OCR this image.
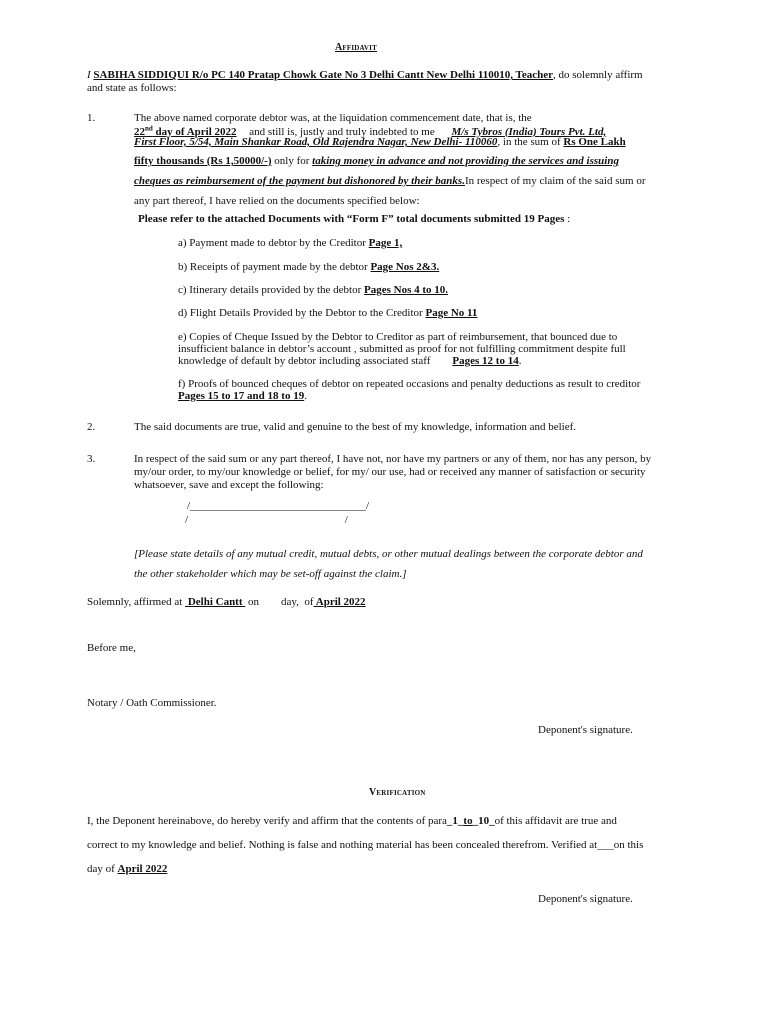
Affidavit
I SABIHA SIDDIQUI R/o PC 140 Pratap Chowk Gate No 3 Delhi Cantt New Delhi 110010, Teacher, do solemnly affirm
and state as follows:
1.	The above named corporate debtor was, at the liquidation commencement date, that is, the
22nd day of April 2022 and still is, justly and truly indebted to me M/s Tybros (India) Tours Pvt. Ltd,
First Floor, 5/54, Main Shankar Road, Old Rajendra Nagar, New Delhi- 110060, in the sum of Rs One Lakh
fifty thousands (Rs 1,50000/-) only for taking money in advance and not providing the services and issuing
cheques as reimbursement of the payment but dishonored by their banks.In respect of my claim of the said sum or
any part thereof, I have relied on the documents specified below:
Please refer to the attached Documents with “Form F” total documents submitted 19 Pages :
a) Payment made to debtor by the Creditor Page 1,
b) Receipts of payment made by the debtor Page Nos 2&3.
c) Itinerary details provided by the debtor Pages Nos 4 to 10.
d) Flight Details Provided by the Debtor to the Creditor Page No 11
e) Copies of Cheque Issued by the Debtor to Creditor as part of reimbursement, that bounced due to
insufficient balance in debtor’s account , submitted as proof for not fulfilling commitment despite full
knowledge of default by debtor including associated staff Pages 12 to 14.
f) Proofs of bounced cheques of debtor on repeated occasions and penalty deductions as result to creditor
Pages 15 to 17 and 18 to 19.
2.	The said documents are true, valid and genuine to the best of my knowledge, information and belief.
3.	In respect of the said sum or any part thereof, I have not, nor have my partners or any of them, nor has any person, by
my/our order, to my/our knowledge or belief, for my/ our use, had or received any manner of satisfaction or security
whatsoever, save and except the following:
/________________________________/
/                                                         /
[Please state details of any mutual credit, mutual debts, or other mutual dealings between the corporate debtor and
the other stakeholder which may be set-off against the claim.]
Solemnly, affirmed at  Delhi Cantt  on        day,  of April 2022
Before me,
Notary / Oath Commissioner.
Deponent's signature.
Verification
I, the Deponent hereinabove, do hereby verify and affirm that the contents of para_1_to_10_of this affidavit are true and
correct to my knowledge and belief. Nothing is false and nothing material has been concealed therefrom. Verified at___on this
day of April 2022
Deponent's signature.
